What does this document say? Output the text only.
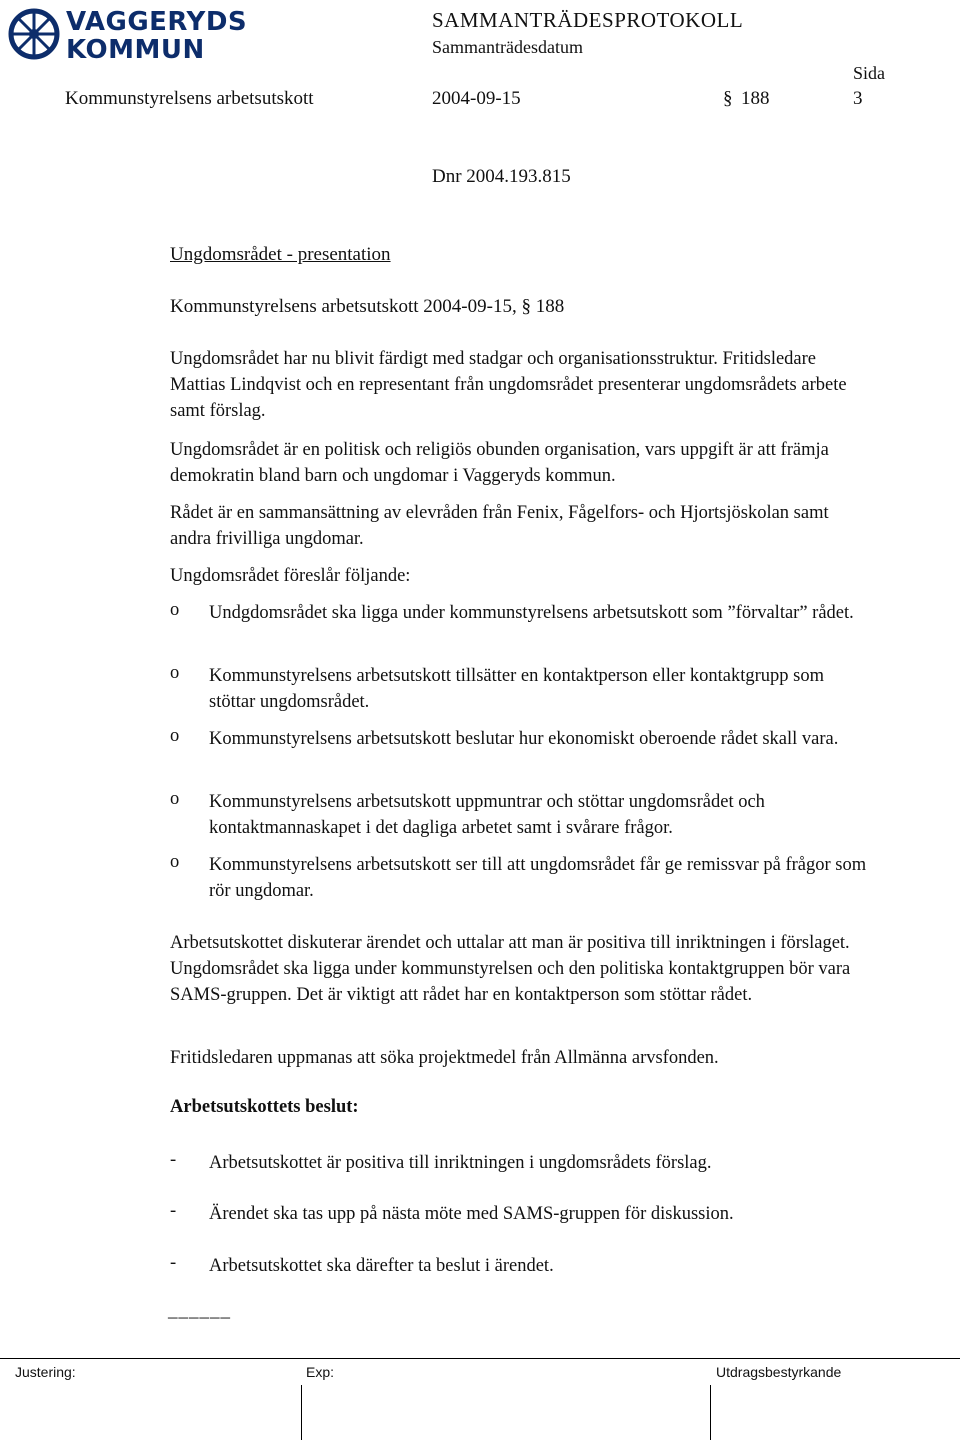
VAGGERYDS
KOMMUN
SAMMANTRÄDESPROTOKOLL
Sammanträdesdatum
Sida
Kommunstyrelsens arbetsutskott	2004-09-15	§ 188	3
Dnr 2004.193.815
Ungdomsrådet - presentation
Kommunstyrelsens arbetsutskott 2004-09-15, § 188
Ungdomsrådet har nu blivit färdigt med stadgar och organisationsstruktur. Fritidsledare Mattias Lindqvist och en representant från ungdomsrådet presenterar ungdomsrådets arbete samt förslag.
Ungdomsrådet är en politisk och religiös obunden organisation, vars uppgift är att främja demokratin bland barn och ungdomar i Vaggeryds kommun.
Rådet är en sammansättning av elevråden från Fenix, Fågelfors- och Hjortsjöskolan samt andra frivilliga ungdomar.
Ungdomsrådet föreslår följande:
o Undgdomsrådet ska ligga under kommunstyrelsens arbetsutskott som ”förvaltar” rådet.
o Kommunstyrelsens arbetsutskott tillsätter en kontaktperson eller kontaktgrupp som stöttar ungdomsrådet.
o Kommunstyrelsens arbetsutskott beslutar hur ekonomiskt oberoende rådet skall vara.
o Kommunstyrelsens arbetsutskott uppmuntrar och stöttar ungdomsrådet och kontaktmannaskapet i det dagliga arbetet samt i svårare frågor.
o Kommunstyrelsens arbetsutskott ser till att ungdomsrådet får ge remissvar på frågor som rör ungdomar.
Arbetsutskottet diskuterar ärendet och uttalar att man är positiva till inriktningen i förslaget. Ungdomsrådet ska ligga under kommunstyrelsen och den politiska kontaktgruppen bör vara SAMS-gruppen. Det är viktigt att rådet har en kontaktperson som stöttar rådet.
Fritidsledaren uppmanas att söka projektmedel från Allmänna arvsfonden.
Arbetsutskottets beslut:
- Arbetsutskottet är positiva till inriktningen i ungdomsrådets förslag.
- Ärendet ska tas upp på nästa möte med SAMS-gruppen för diskussion.
- Arbetsutskottet ska därefter ta beslut i ärendet.
______
Justering:	Exp:	Utdragsbestyrkande
